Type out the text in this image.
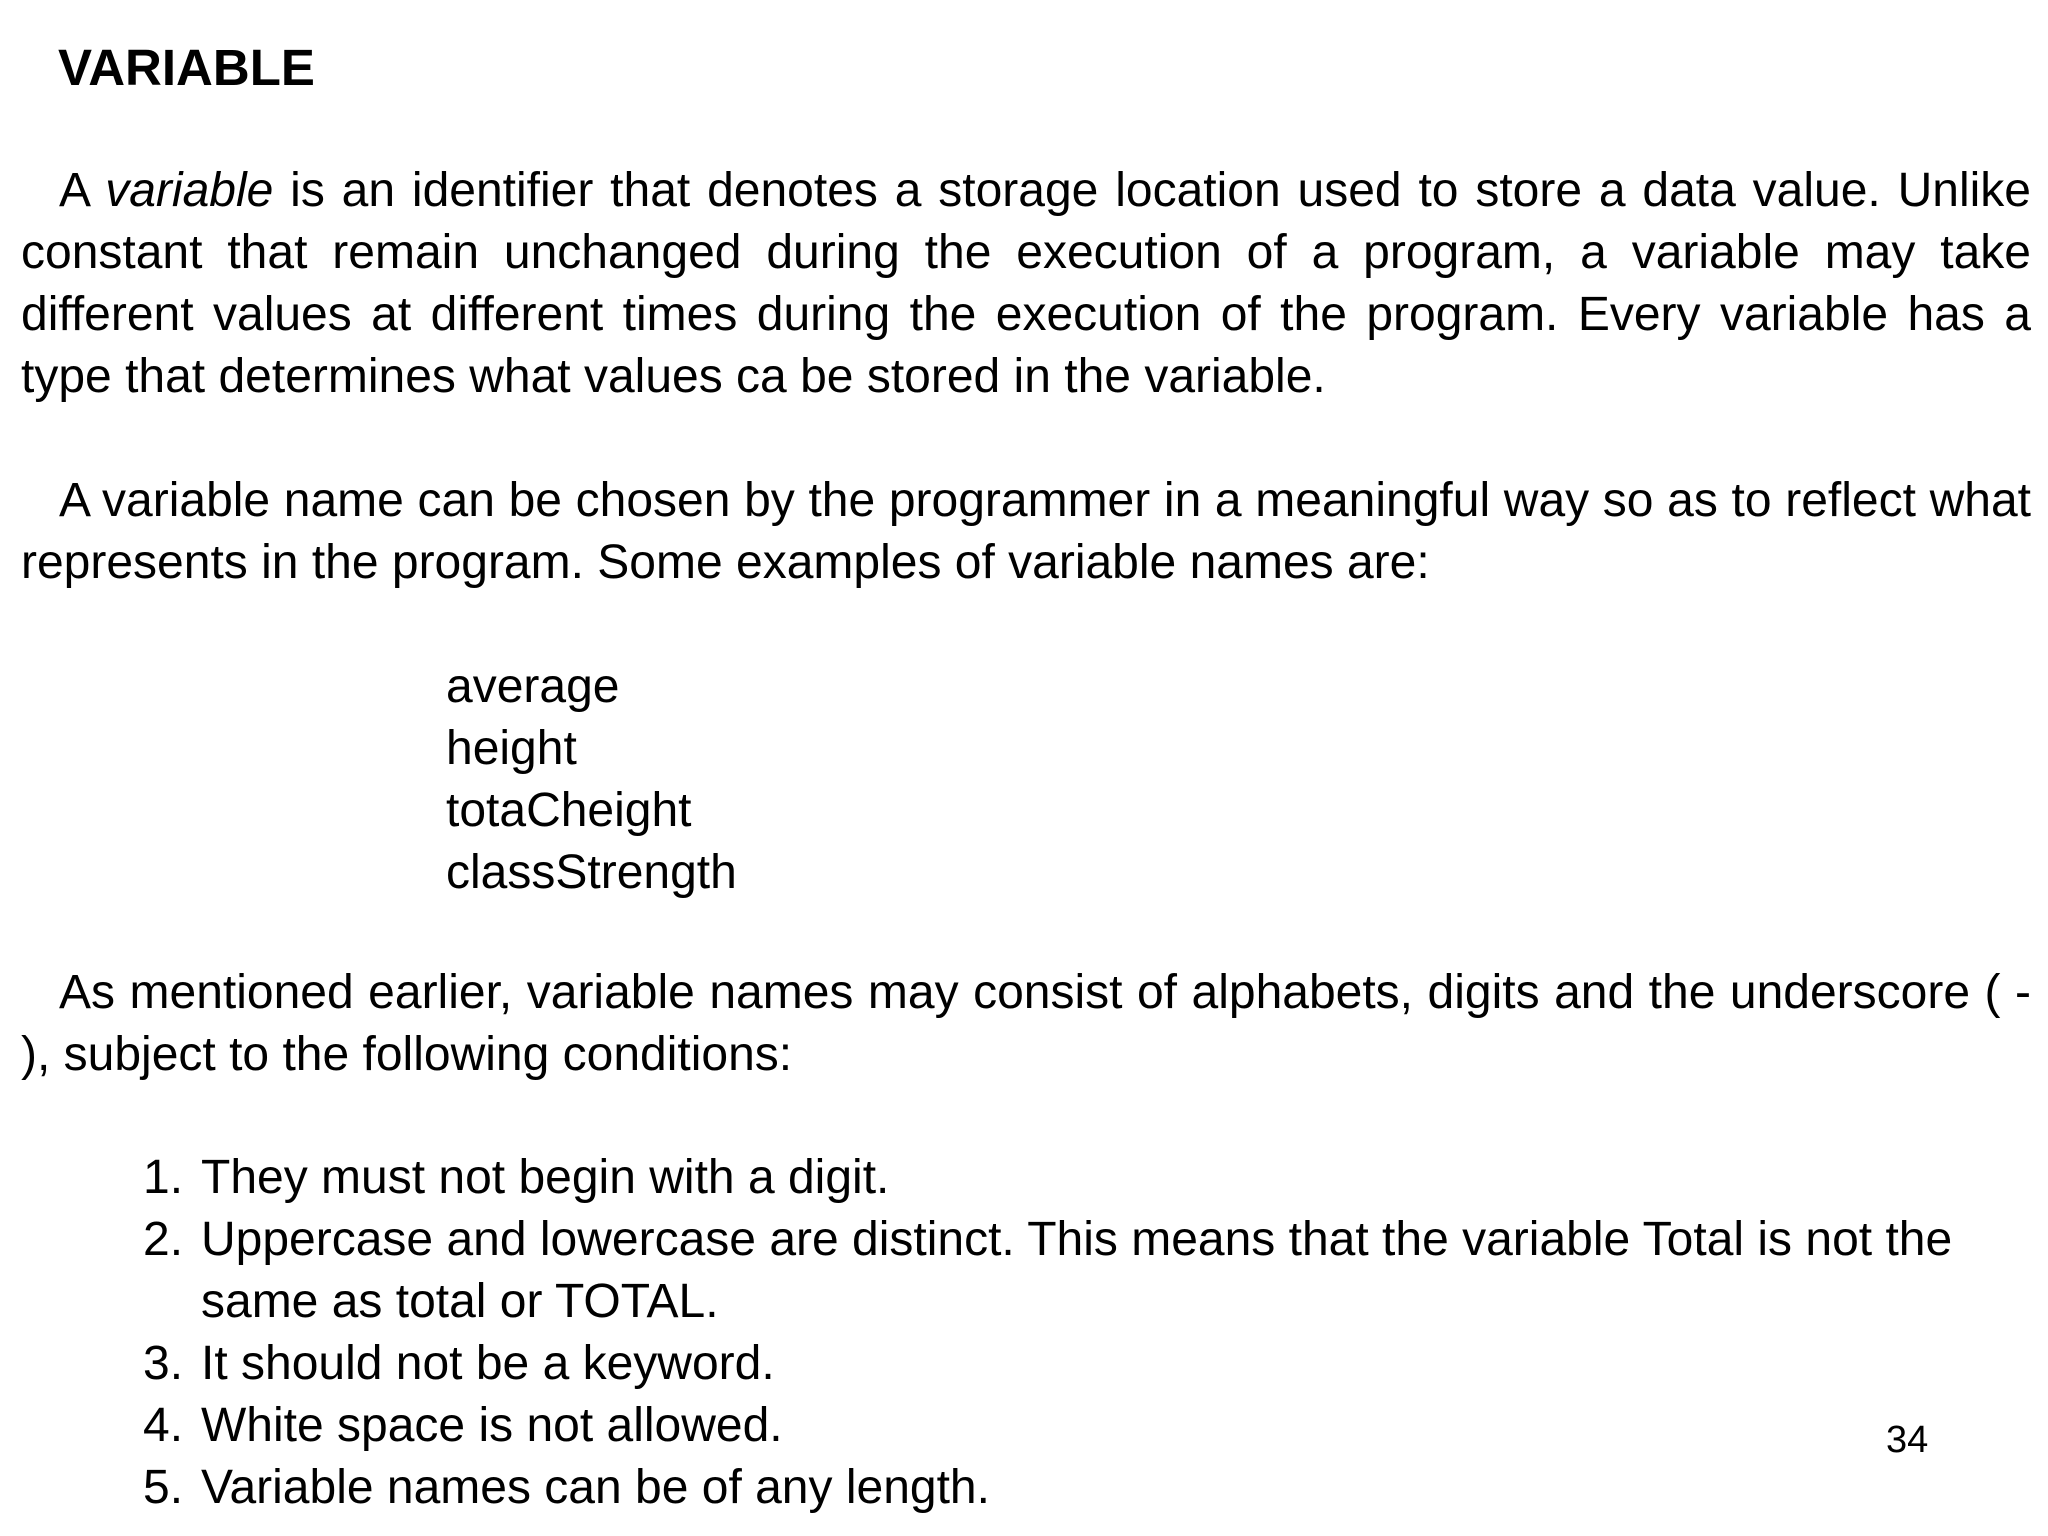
VARIABLE

A variable is an identifier that denotes a storage location used to store a data value. Unlike constant that remain unchanged during the execution of a program, a variable may take different values at different times during the execution of the program. Every variable has a type that determines what values ca be stored in the variable.

A variable name can be chosen by the programmer in a meaningful way so as to reflect what represents in the program. Some examples of variable names are:

average
height
totaCheight
classStrength

As mentioned earlier, variable names may consist of alphabets, digits and the underscore ( - ), subject to the following conditions:

1. They must not begin with a digit.
2. Uppercase and lowercase are distinct. This means that the variable Total is not the same as total or TOTAL.
3. It should not be a keyword.
4. White space is not allowed.
5. Variable names can be of any length.
34
